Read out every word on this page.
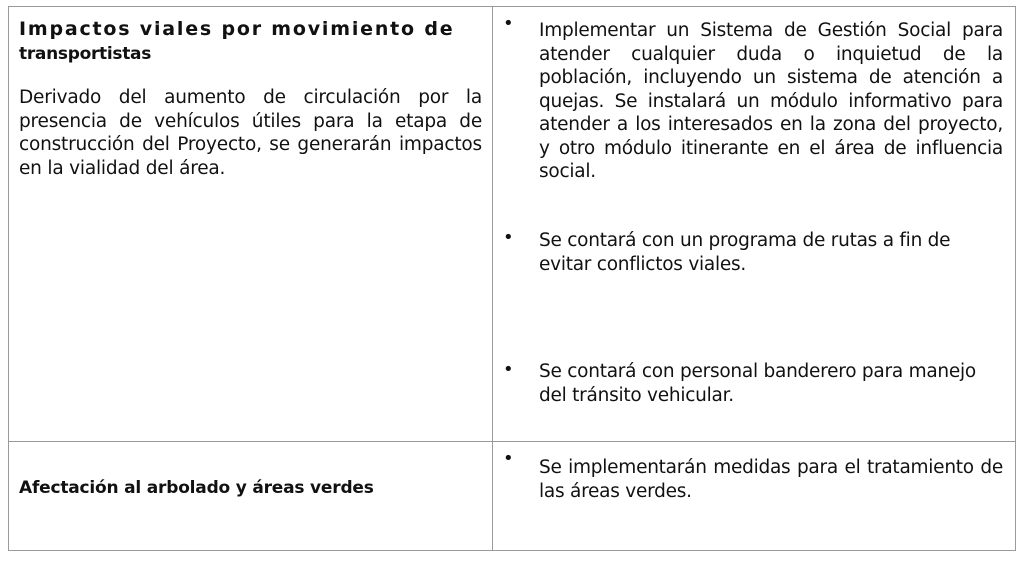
Impactos viales por movimiento de
transportistas

Derivado del aumento de circulación por la presencia de vehículos útiles para la etapa de construcción del Proyecto, se generarán impactos en la vialidad del área.

• Implementar un Sistema de Gestión Social para atender cualquier duda o inquietud de la población, incluyendo un sistema de atención a quejas. Se instalará un módulo informativo para atender a los interesados en la zona del proyecto, y otro módulo itinerante en el área de influencia social.

• Se contará con un programa de rutas a fin de evitar conflictos viales.

• Se contará con personal banderero para manejo del tránsito vehicular.

Afectación al arbolado y áreas verdes

• Se implementarán medidas para el tratamiento de las áreas verdes.
